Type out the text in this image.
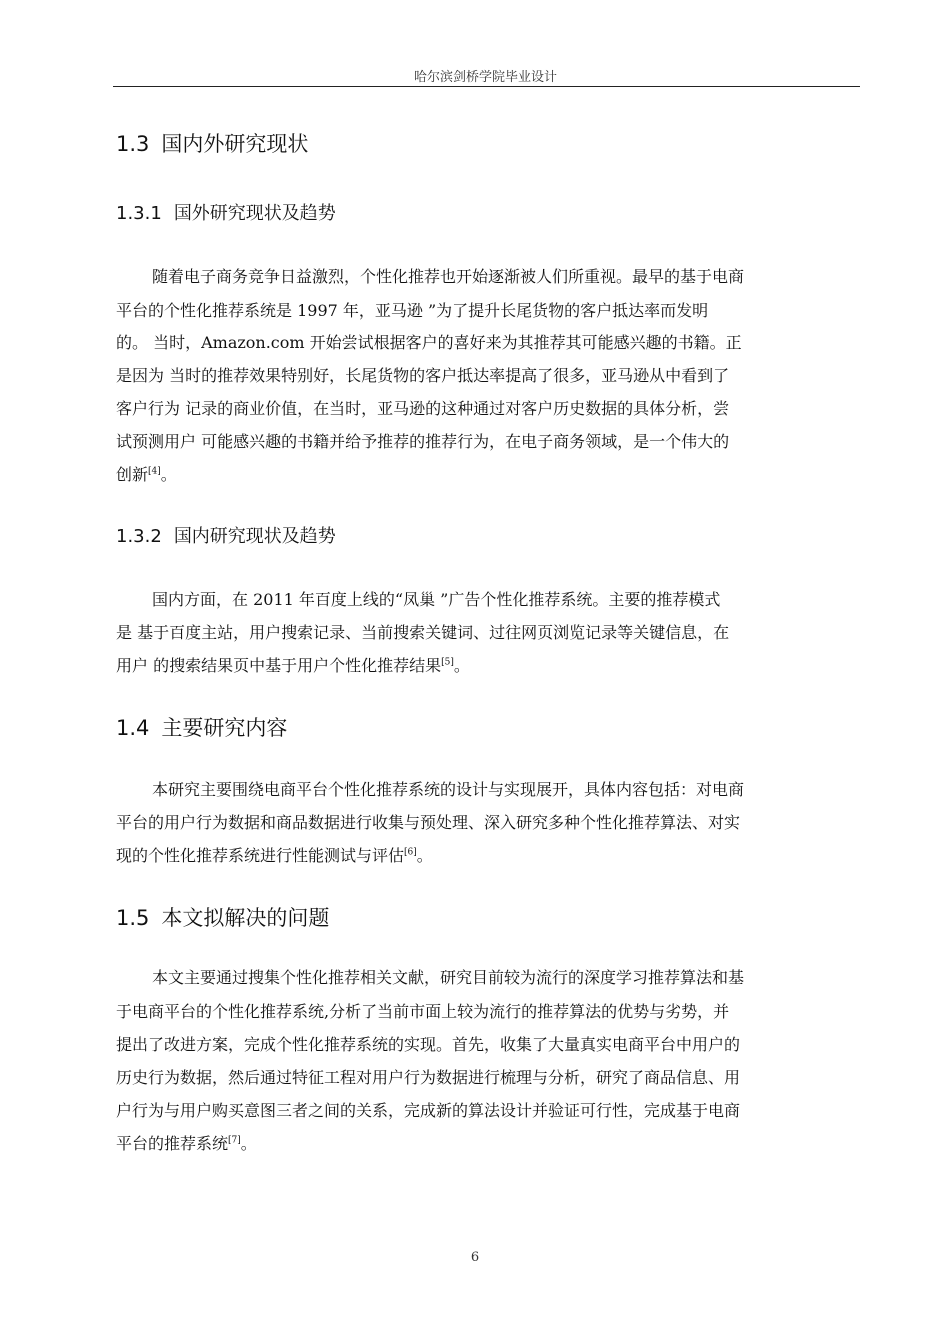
哈尔滨剑桥学院毕业设计
1.3 国内外研究现状
1.3.1 国外研究现状及趋势
随着电子商务竞争日益激烈，个性化推荐也开始逐渐被人们所重视。最早的基于电商
平台的个性化推荐系统是 1997 年，亚马逊 ”为了提升长尾货物的客户抵达率而发明
的。 当时，Amazon.com 开始尝试根据客户的喜好来为其推荐其可能感兴趣的书籍。正
是因为 当时的推荐效果特别好，长尾货物的客户抵达率提高了很多，亚马逊从中看到了
客户行为 记录的商业价值，在当时，亚马逊的这种通过对客户历史数据的具体分析，尝
试预测用户 可能感兴趣的书籍并给予推荐的推荐行为，在电子商务领域，是一个伟大的
创新[4]。
1.3.2 国内研究现状及趋势
国内方面，在 2011 年百度上线的“凤巢 ”广告个性化推荐系统。主要的推荐模式
是 基于百度主站，用户搜索记录、当前搜索关键词、过往网页浏览记录等关键信息，在
用户 的搜索结果页中基于用户个性化推荐结果[5]。
1.4 主要研究内容
本研究主要围绕电商平台个性化推荐系统的设计与实现展开，具体内容包括：对电商
平台的用户行为数据和商品数据进行收集与预处理、深入研究多种个性化推荐算法、对实
现的个性化推荐系统进行性能测试与评估[6]。
1.5 本文拟解决的问题
本文主要通过搜集个性化推荐相关文献，研究目前较为流行的深度学习推荐算法和基
于电商平台的个性化推荐系统,分析了当前市面上较为流行的推荐算法的优势与劣势，并
提出了改进方案，完成个性化推荐系统的实现。首先，收集了大量真实电商平台中用户的
历史行为数据，然后通过特征工程对用户行为数据进行梳理与分析，研究了商品信息、用
户行为与用户购买意图三者之间的关系，完成新的算法设计并验证可行性，完成基于电商
平台的推荐系统[7]。
6
